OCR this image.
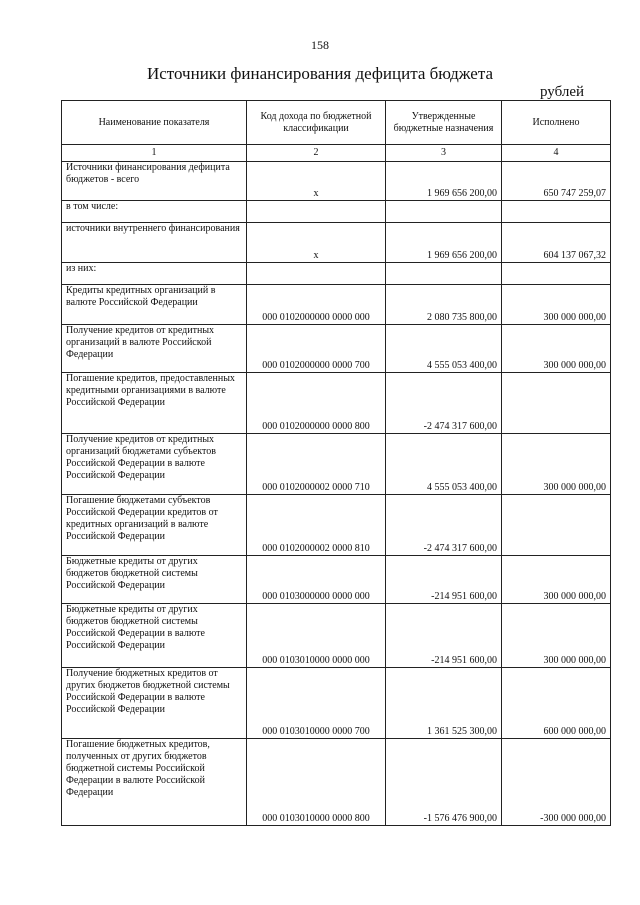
158
Источники финансирования дефицита бюджета
рублей
Наименование показателя	Код дохода по бюджетной классификации	Утвержденные бюджетные назначения	Исполнено
1	2	3	4
Источники финансирования дефицита бюджетов - всего	x	1 969 656 200,00	650 747 259,07
в том числе:			
источники внутреннего финансирования	x	1 969 656 200,00	604 137 067,32
из них:			
Кредиты кредитных организаций в валюте Российской Федерации	000 0102000000 0000 000	2 080 735 800,00	300 000 000,00
Получение кредитов от кредитных организаций в валюте Российской Федерации	000 0102000000 0000 700	4 555 053 400,00	300 000 000,00
Погашение кредитов, предоставленных кредитными организациями в валюте Российской Федерации	000 0102000000 0000 800	-2 474 317 600,00	
Получение кредитов от кредитных организаций бюджетами субъектов Российской Федерации в валюте Российской Федерации	000 0102000002 0000 710	4 555 053 400,00	300 000 000,00
Погашение бюджетами субъектов Российской Федерации кредитов от кредитных организаций в валюте Российской Федерации	000 0102000002 0000 810	-2 474 317 600,00	
Бюджетные кредиты от других бюджетов бюджетной системы Российской Федерации	000 0103000000 0000 000	-214 951 600,00	300 000 000,00
Бюджетные кредиты от других бюджетов бюджетной системы Российской Федерации в валюте Российской Федерации	000 0103010000 0000 000	-214 951 600,00	300 000 000,00
Получение бюджетных кредитов от других бюджетов бюджетной системы Российской Федерации в валюте Российской Федерации	000 0103010000 0000 700	1 361 525 300,00	600 000 000,00
Погашение бюджетных кредитов, полученных от других бюджетов бюджетной системы Российской Федерации в валюте Российской Федерации	000 0103010000 0000 800	-1 576 476 900,00	-300 000 000,00
